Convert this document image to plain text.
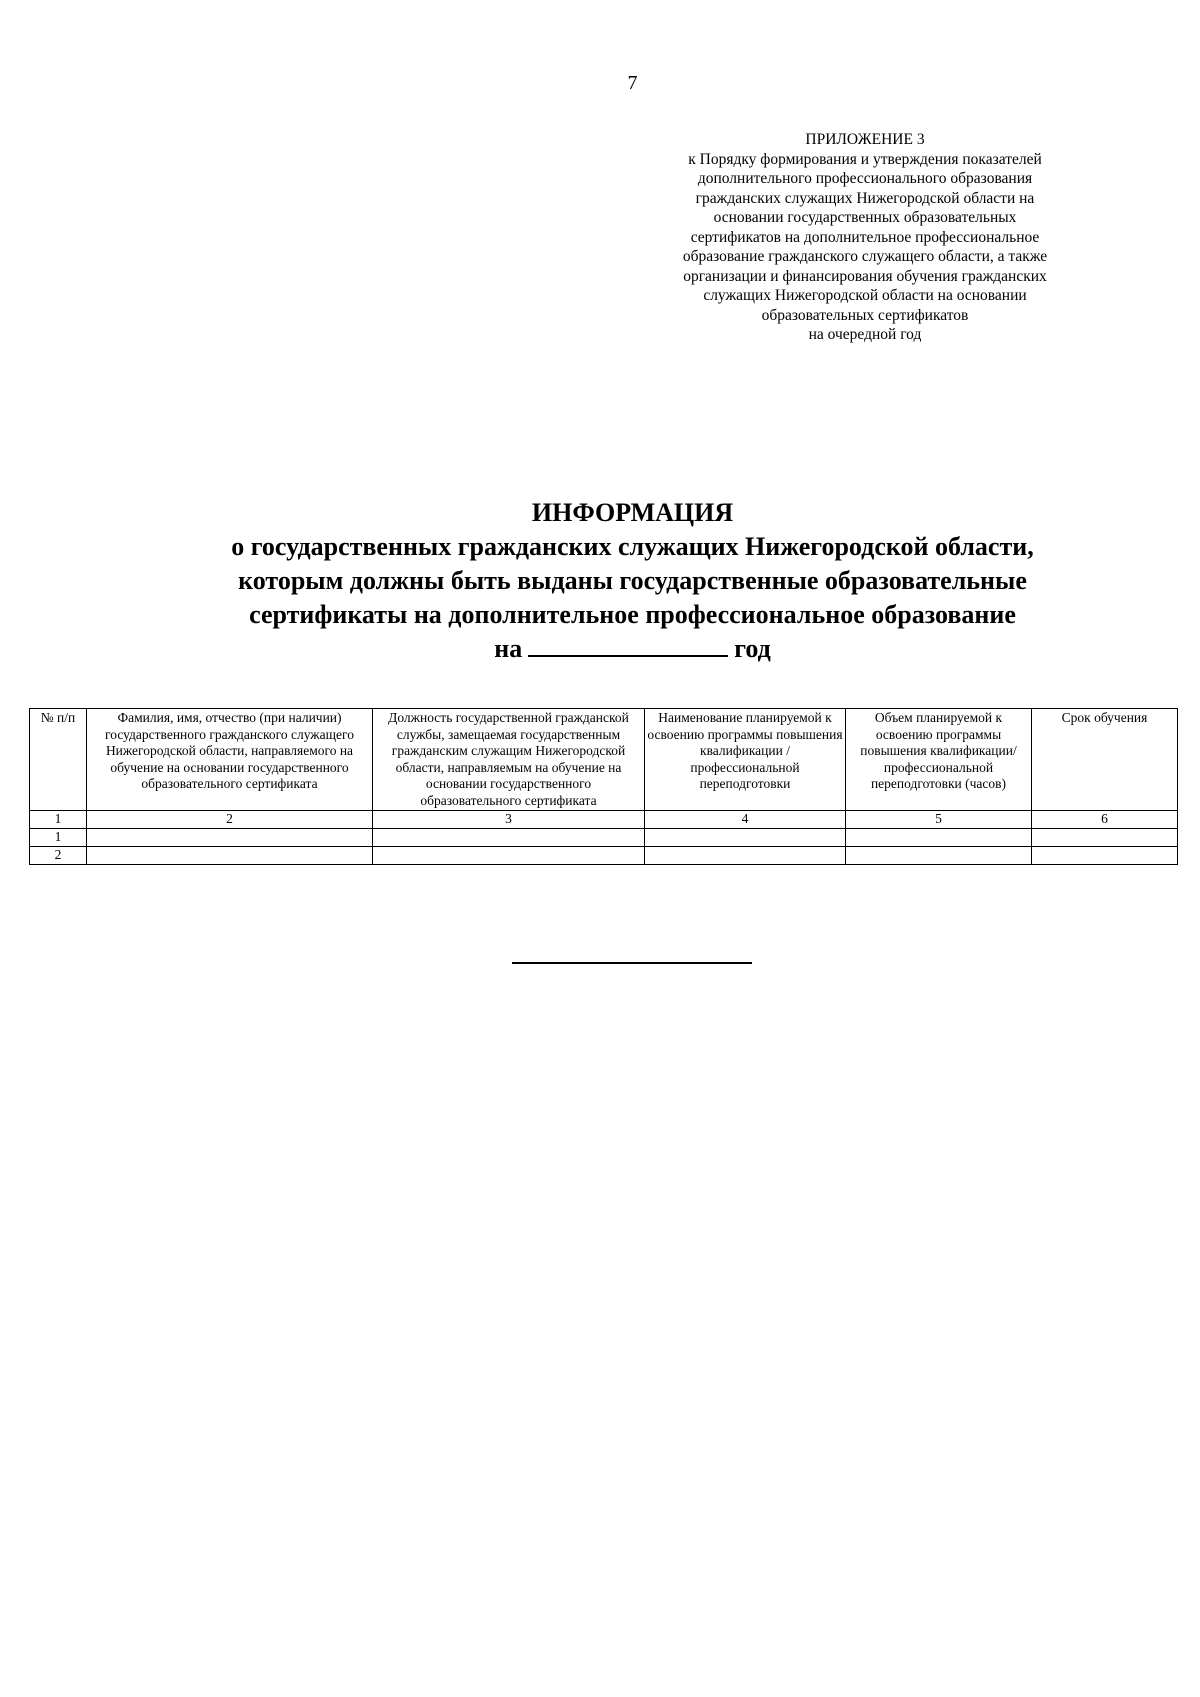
7
ПРИЛОЖЕНИЕ 3
к Порядку формирования и утверждения показателей
дополнительного профессионального образования
гражданских служащих Нижегородской области на
основании государственных образовательных
сертификатов на дополнительное профессиональное
образование гражданского служащего области, а также
организации и финансирования обучения гражданских
служащих Нижегородской области на основании
образовательных сертификатов
на очередной год
ИНФОРМАЦИЯ
о государственных гражданских служащих Нижегородской области,
которым должны быть выданы государственные образовательные
сертификаты на дополнительное профессиональное образование
на	год
№ п/п	Фамилия, имя, отчество (при наличии) государственного гражданского служащего Нижегородской области, направляемого на обучение на основании государственного образовательного сертификата	Должность государственной гражданской службы, замещаемая государственным гражданским служащим Нижегородской области, направляемым на обучение на основании государственного образовательного сертификата	Наименование планируемой к освоению программы повышения квалификации / профессиональной переподготовки	Объем планируемой к освоению программы повышения квалификации/ профессиональной переподготовки (часов)	Срок обучения
1	2	3	4	5	6
1					
2					
